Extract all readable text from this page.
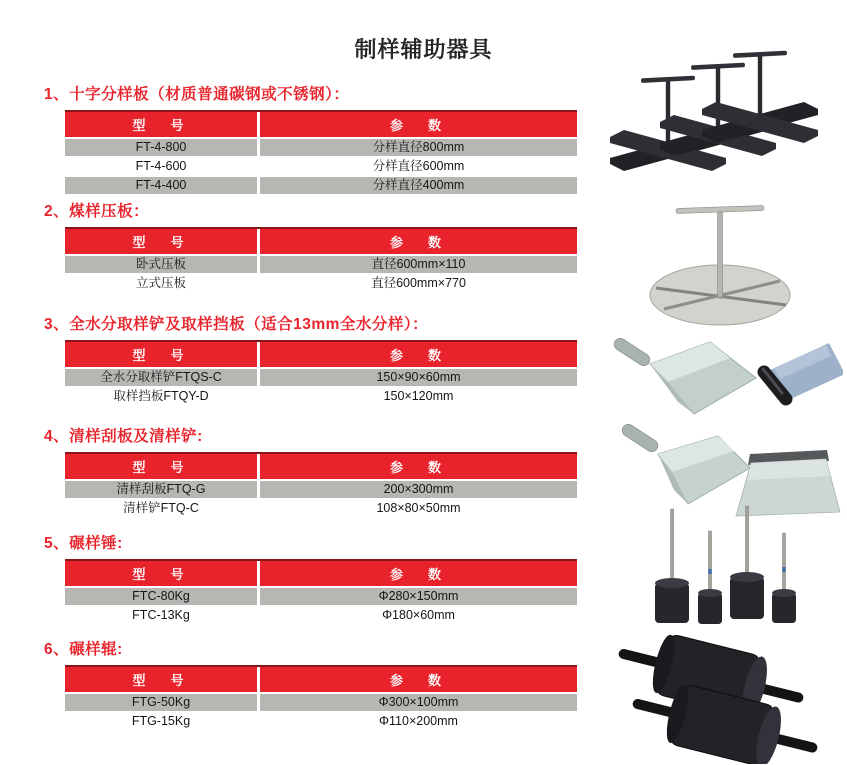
制样辅助器具
1、十字分样板（材质普通碳钢或不锈钢）：
型　号	参　数
FT-4-800	分样直径800mm
FT-4-600	分样直径600mm
FT-4-400	分样直径400mm
2、煤样压板：
型　号	参　数
卧式压板	直径600mm×110
立式压板	直径600mm×770
3、全水分取样铲及取样挡板（适合13mm全水分样）：
型　号	参　数
全水分取样铲FTQS-C	150×90×60mm
取样挡板FTQY-D	150×120mm
4、清样刮板及清样铲:
型　号	参　数
清样刮板FTQ-G	200×300mm
清样铲FTQ-C	108×80×50mm
5、碾样锤:
型　号	参　数
FTC-80Kg	Φ280×150mm
FTC-13Kg	Φ180×60mm
6、碾样辊:
型　号	参　数
FTG-50Kg	Φ300×100mm
FTG-15Kg	Φ110×200mm
